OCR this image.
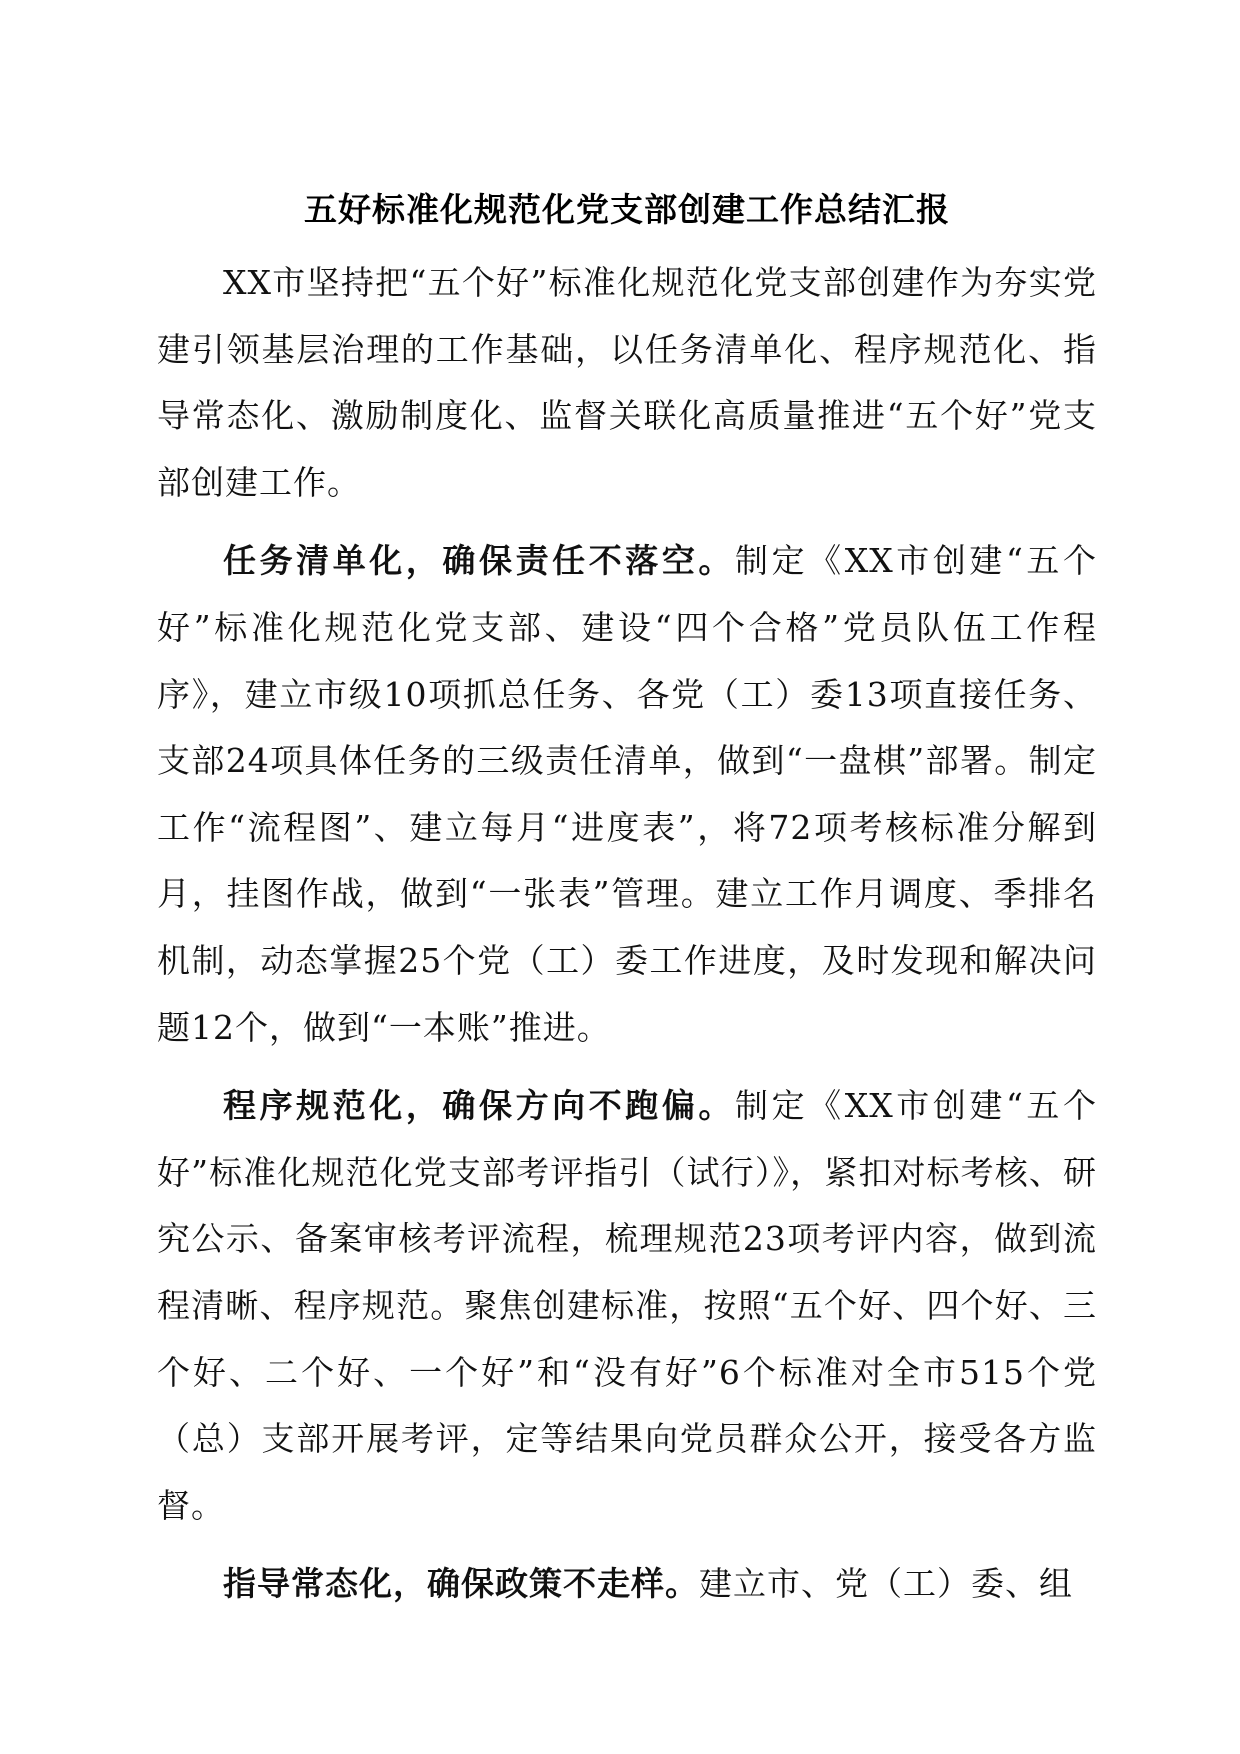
五好标准化规范化党支部创建工作总结汇报

XX市坚持把“五个好”标准化规范化党支部创建作为夯实党建引领基层治理的工作基础，以任务清单化、程序规范化、指导常态化、激励制度化、监督关联化高质量推进“五个好”党支部创建工作。

任务清单化，确保责任不落空。制定《XX市创建“五个好”标准化规范化党支部、建设“四个合格”党员队伍工作程序》，建立市级10项抓总任务、各党（工）委13项直接任务、支部24项具体任务的三级责任清单，做到“一盘棋”部署。制定工作“流程图”、建立每月“进度表”，将72项考核标准分解到月，挂图作战，做到“一张表”管理。建立工作月调度、季排名机制，动态掌握25个党（工）委工作进度，及时发现和解决问题12个，做到“一本账”推进。

程序规范化，确保方向不跑偏。制定《XX市创建“五个好”标准化规范化党支部考评指引（试行）》，紧扣对标考核、研究公示、备案审核考评流程，梳理规范23项考评内容，做到流程清晰、程序规范。聚焦创建标准，按照“五个好、四个好、三个好、二个好、一个好”和“没有好”6个标准对全市515个党（总）支部开展考评，定等结果向党员群众公开，接受各方监督。

指导常态化，确保政策不走样。建立市、党（工）委、组
